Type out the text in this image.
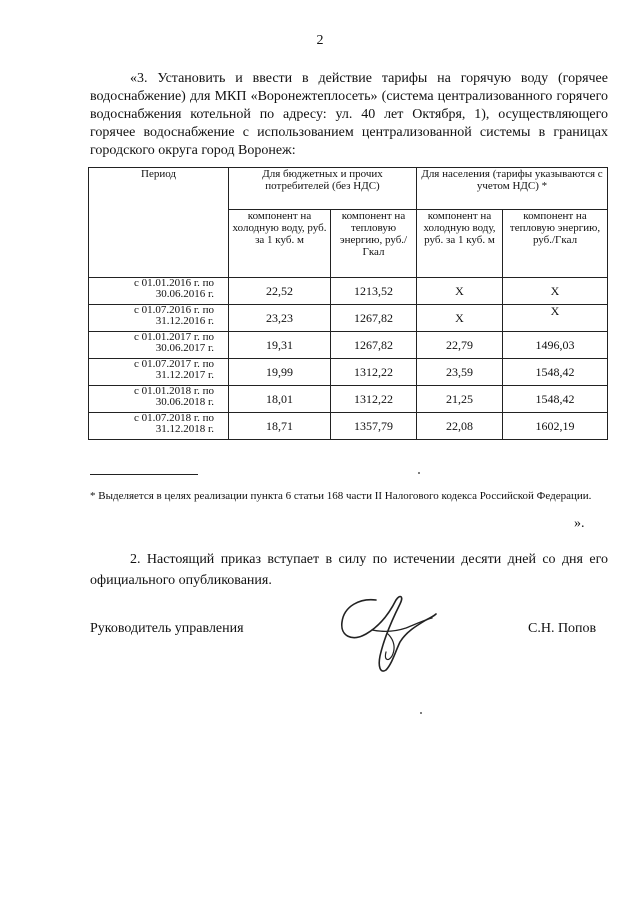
2
«3. Установить и ввести в действие тарифы на горячую воду (горячее водоснабжение) для МКП «Воронежтеплосеть» (система централизованного горячего водоснабжения котельной по адресу: ул. 40 лет Октября, 1), осуществляющего горячее водоснабжение с использованием централизованной системы в границах городского округа город Воронеж:
Период	Для бюджетных и прочих потребителей (без НДС)		Для населения (тарифы указываются с учетом НДС) *	
	компонент на холодную воду, руб. за 1 куб. м	компонент на тепловую энергию, руб./Гкал	компонент на холодную воду, руб. за 1 куб. м	компонент на тепловую энергию, руб./Гкал
с 01.01.2016 г. по 30.06.2016 г.	22,52	1213,52	Х	Х
с 01.07.2016 г. по 31.12.2016 г.	23,23	1267,82	Х	Х
с 01.01.2017 г. по 30.06.2017 г.	19,31	1267,82	22,79	1496,03
с 01.07.2017 г. по 31.12.2017 г.	19,99	1312,22	23,59	1548,42
с 01.01.2018 г. по 30.06.2018 г.	18,01	1312,22	21,25	1548,42
с 01.07.2018 г. по 31.12.2018 г.	18,71	1357,79	22,08	1602,19
* Выделяется в целях реализации пункта 6 статьи 168 части II Налогового кодекса Российской Федерации.
».
2. Настоящий приказ вступает в силу по истечении десяти дней со дня его официального опубликования.
Руководитель управления	С.Н. Попов
